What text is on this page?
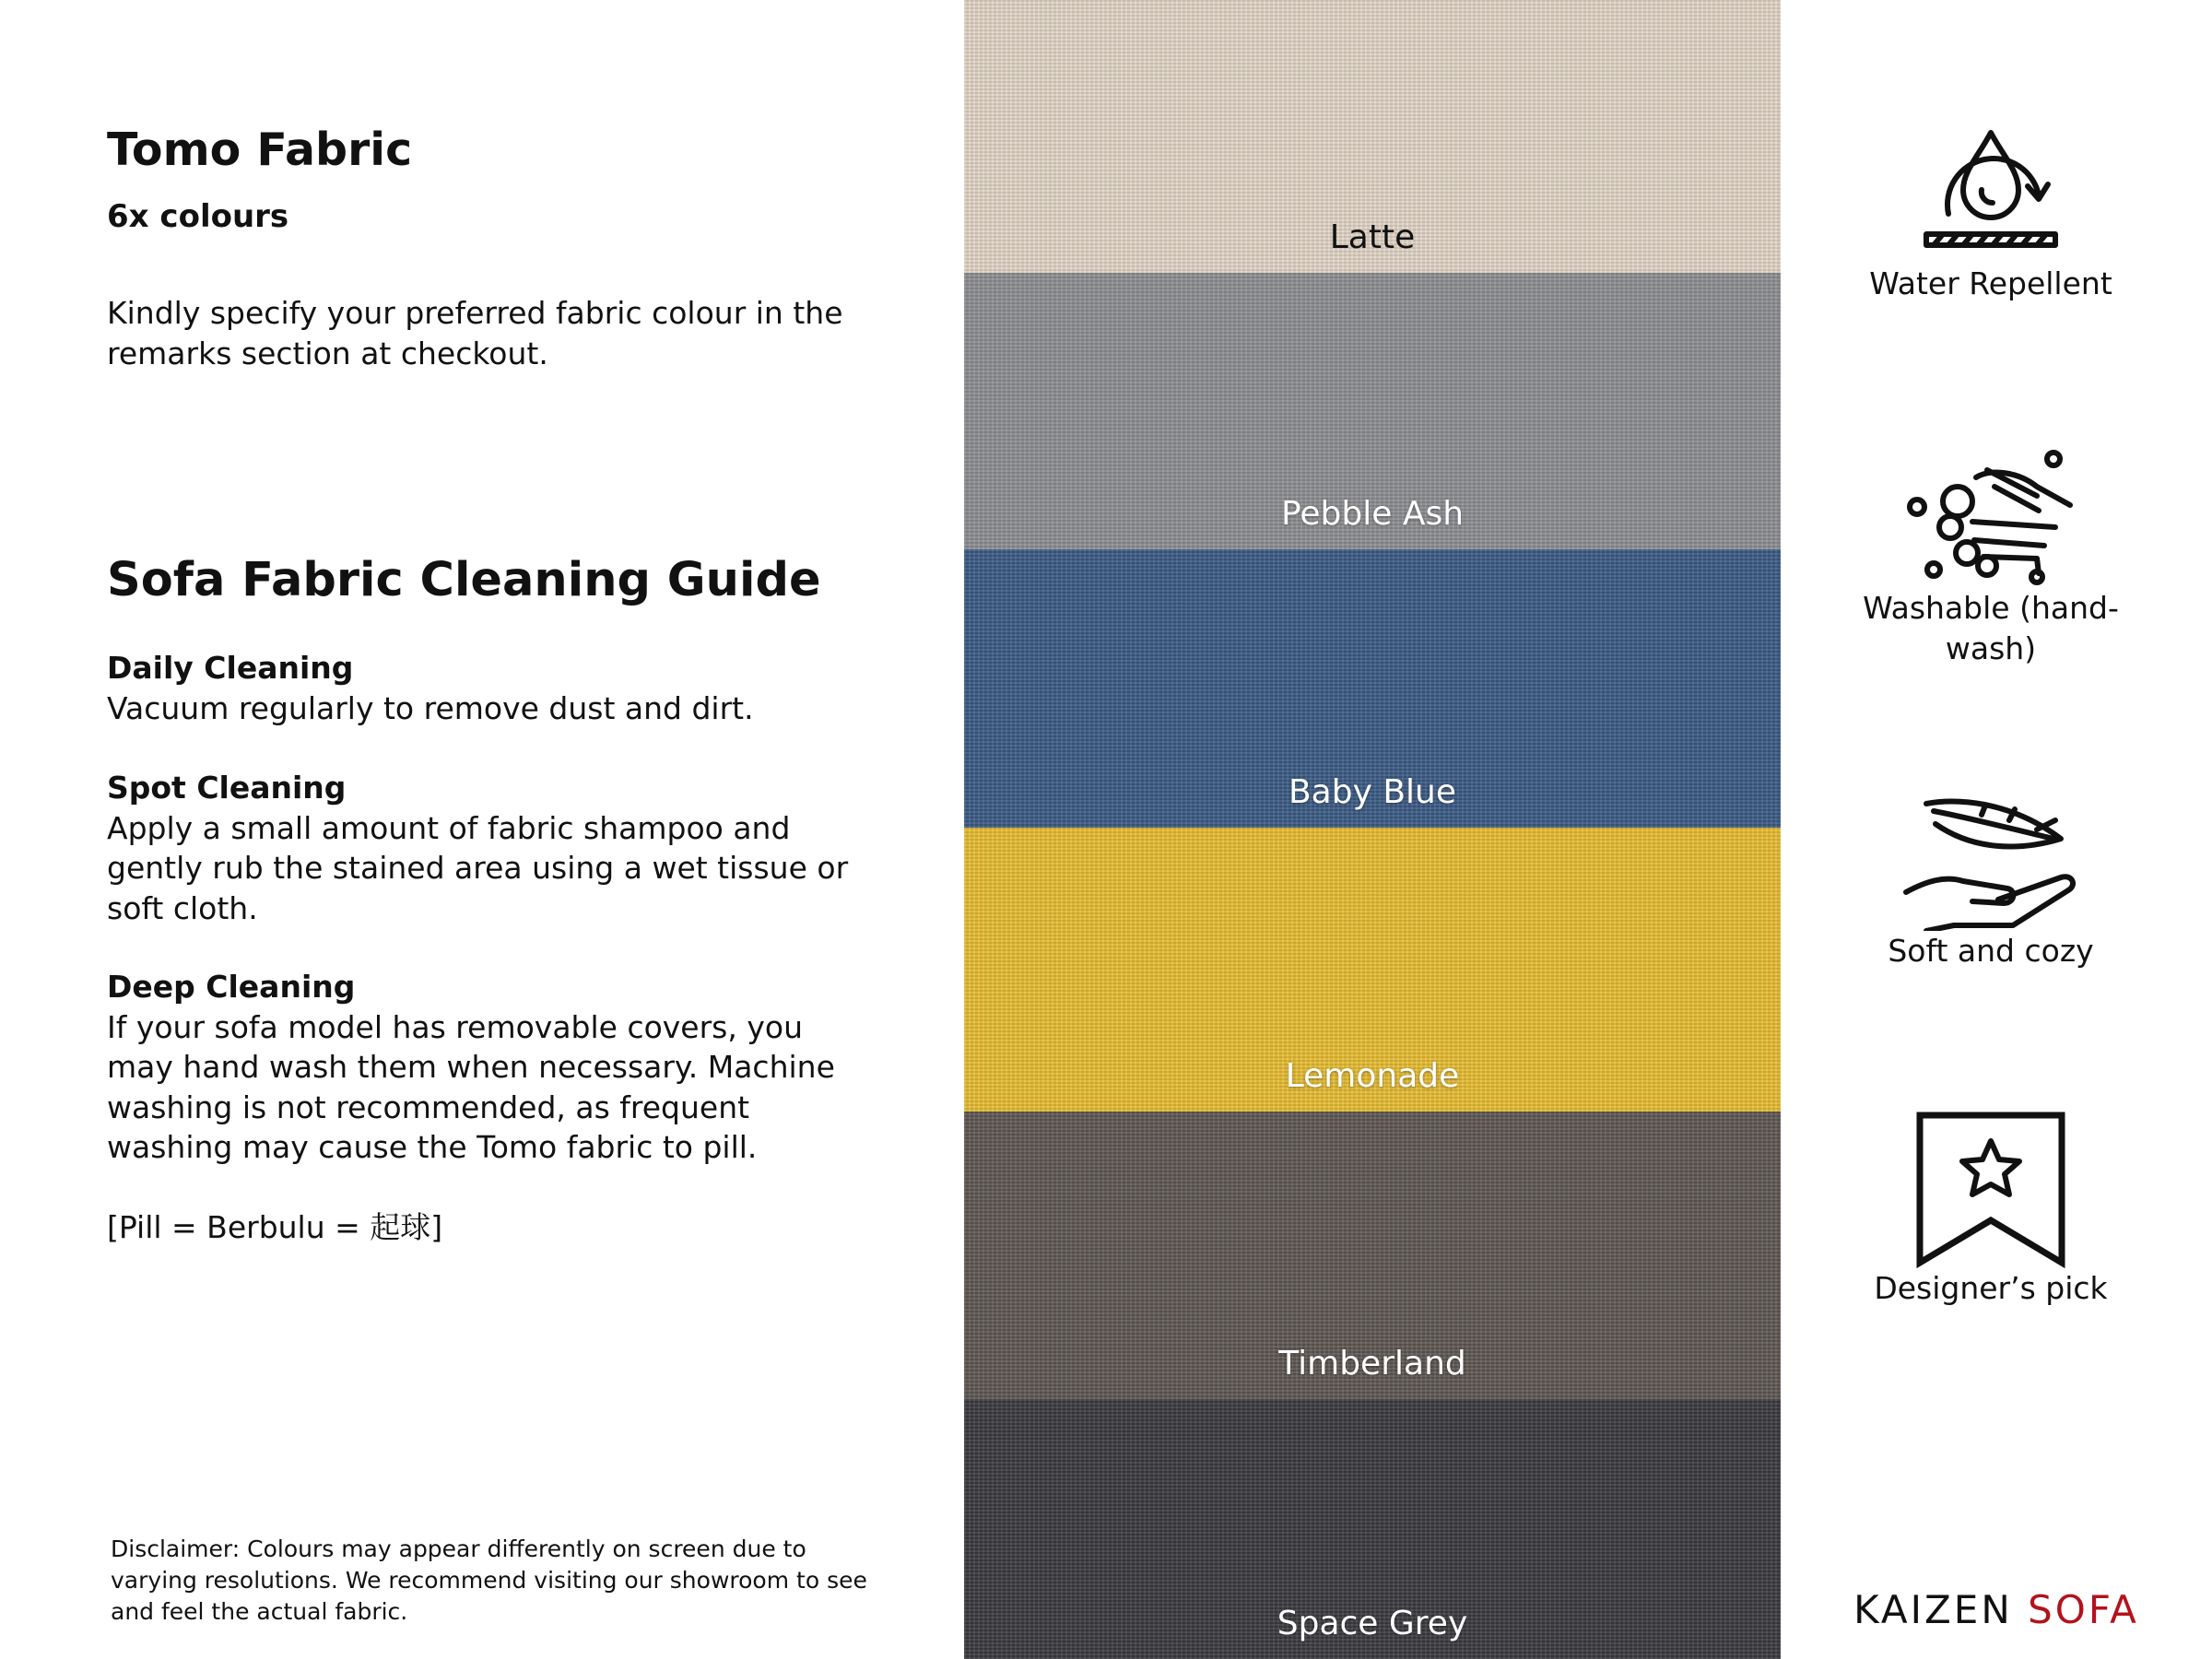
Tomo Fabric

6x colours

Kindly specify your preferred fabric colour in the remarks section at checkout.

Sofa Fabric Cleaning Guide
Daily Cleaning
Vacuum regularly to remove dust and dirt.
Spot Cleaning
Apply a small amount of fabric shampoo and gently rub the stained area using a wet tissue or soft cloth.
Deep Cleaning
If your sofa model has removable covers, you may hand wash them when necessary. Machine washing is not recommended, as frequent washing may cause the Tomo fabric to pill.

[Pill = Berbulu = 起球]

Disclaimer: Colours may appear differently on screen due to varying resolutions. We recommend visiting our showroom to see and feel the actual fabric.

Latte
Pebble Ash
Baby Blue
Lemonade
Timberland
Space Grey
Water Repellent
Washable (hand-wash)
Soft and cozy
Designer’s pick
KAIZEN SOFA
